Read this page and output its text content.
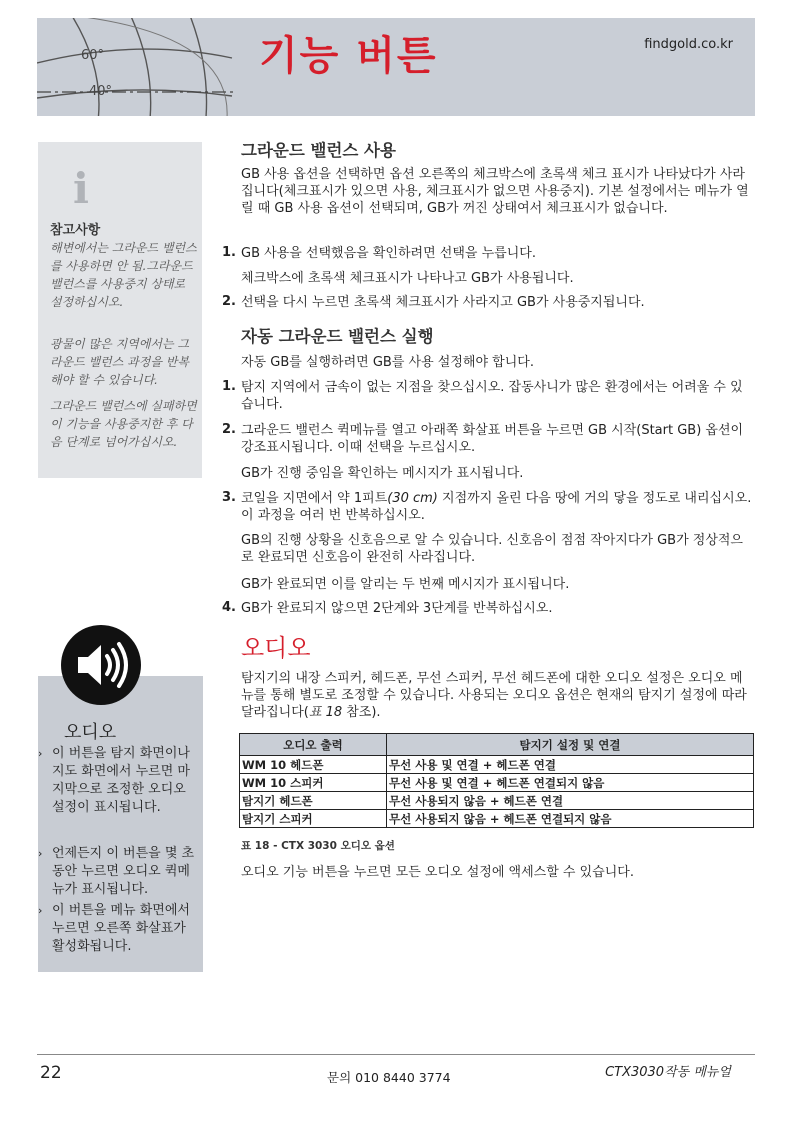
60°
40°
기능 버튼	findgold.co.kr
i
참고사항
해변에서는 그라운드 밸런스를 사용하면 안 됨.그라운드 밸런스를 사용중지 상태로 설정하십시오.
광물이 많은 지역에서는 그라운드 밸런스 과정을 반복해야 할 수 있습니다.
그라운드 밸런스에 실패하면 이 기능을 사용중지한 후 다음 단계로 넘어가십시오.
그라운드 밸런스 사용
GB 사용 옵션을 선택하면 옵션 오른쪽의 체크박스에 초록색 체크 표시가 나타났다가 사라집니다(체크표시가 있으면 사용, 체크표시가 없으면 사용중지). 기본 설정에서는 메뉴가 열릴 때 GB 사용 옵션이 선택되며, GB가 꺼진 상태여서 체크표시가 없습니다.
1. GB 사용을 선택했음을 확인하려면 선택을 누릅니다.
체크박스에 초록색 체크표시가 나타나고 GB가 사용됩니다.
2. 선택을 다시 누르면 초록색 체크표시가 사라지고 GB가 사용중지됩니다.
자동 그라운드 밸런스 실행
자동 GB를 실행하려면 GB를 사용 설정해야 합니다.
1. 탐지 지역에서 금속이 없는 지점을 찾으십시오. 잡동사니가 많은 환경에서는 어려울 수 있습니다.
2. 그라운드 밸런스 퀵메뉴를 열고 아래쪽 화살표 버튼을 누르면 GB 시작(Start GB) 옵션이 강조표시됩니다. 이때 선택을 누르십시오.
GB가 진행 중임을 확인하는 메시지가 표시됩니다.
3. 코일을 지면에서 약 1피트(30 cm) 지점까지 올린 다음 땅에 거의 닿을 정도로 내리십시오. 이 과정을 여러 번 반복하십시오.
GB의 진행 상황을 신호음으로 알 수 있습니다. 신호음이 점점 작아지다가 GB가 정상적으로 완료되면 신호음이 완전히 사라집니다.
GB가 완료되면 이를 알리는 두 번째 메시지가 표시됩니다.
4. GB가 완료되지 않으면 2단계와 3단계를 반복하십시오.
오디오
탐지기의 내장 스피커, 헤드폰, 무선 스피커, 무선 헤드폰에 대한 오디오 설정은 오디오 메뉴를 통해 별도로 조정할 수 있습니다. 사용되는 오디오 옵션은 현재의 탐지기 설정에 따라 달라집니다(표 18 참조).
오디오 출력	탐지기 설정 및 연결
WM 10 헤드폰	무선 사용 및 연결 + 헤드폰 연결
WM 10 스피커	무선 사용 및 연결 + 헤드폰 연결되지 않음
탐지기 헤드폰	무선 사용되지 않음 + 헤드폰 연결
탐지기 스피커	무선 사용되지 않음 + 헤드폰 연결되지 않음
표 18 - CTX 3030 오디오 옵션
오디오 기능 버튼을 누르면 모든 오디오 설정에 액세스할 수 있습니다.
오디오
› 이 버튼을 탐지 화면이나 지도 화면에서 누르면 마지막으로 조정한 오디오 설정이 표시됩니다.
› 언제든지 이 버튼을 몇 초 동안 누르면 오디오 퀵메뉴가 표시됩니다.
› 이 버튼을 메뉴 화면에서 누르면 오른쪽 화살표가 활성화됩니다.
22	문의 010 8440 3774	CTX3030작동 메뉴얼
